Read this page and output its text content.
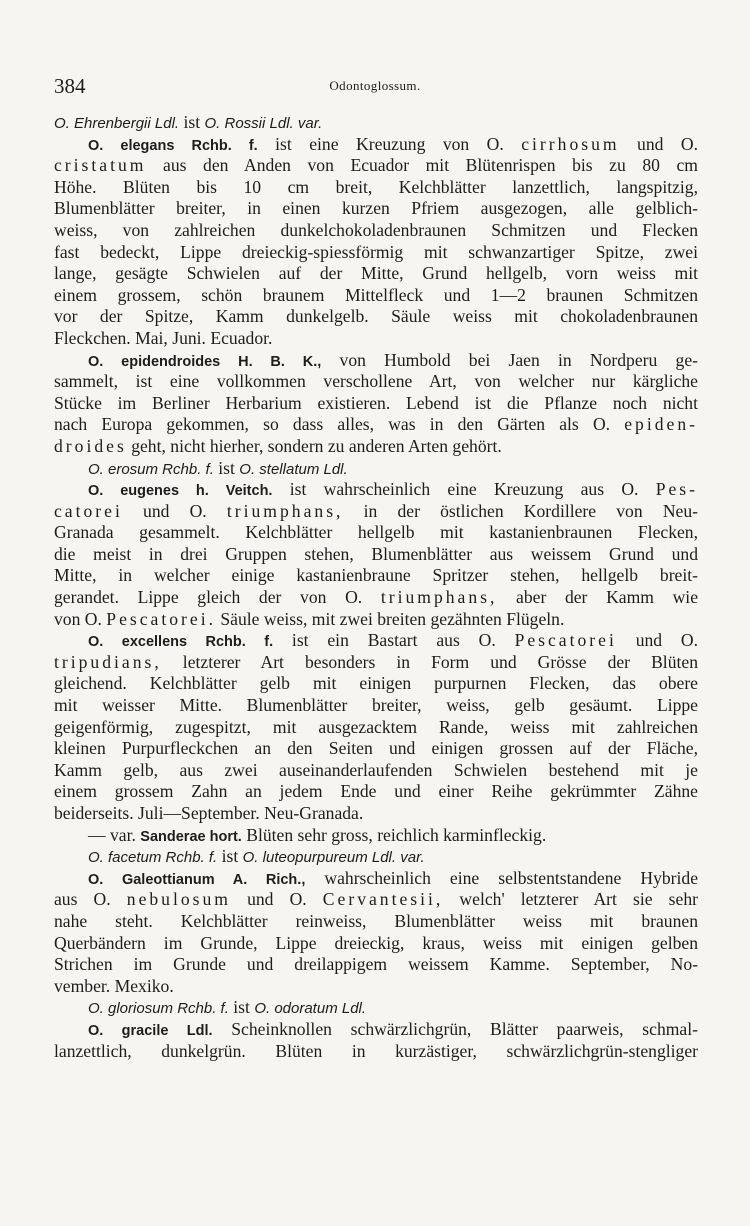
384	Odontoglossum.
O. Ehrenbergii Ldl. ist O. Rossii Ldl. var.
O. elegans Rchb. f. ist eine Kreuzung von O. cirrhosum und O.
cristatum aus den Anden von Ecuador mit Blütenrispen bis zu 80 cm
Höhe. Blüten bis 10 cm breit, Kelchblätter lanzettlich, langspitzig,
Blumenblätter breiter, in einen kurzen Pfriem ausgezogen, alle gelblich-
weiss, von zahlreichen dunkelchokoladenbraunen Schmitzen und Flecken
fast bedeckt, Lippe dreieckig-spiessförmig mit schwanzartiger Spitze, zwei
lange, gesägte Schwielen auf der Mitte, Grund hellgelb, vorn weiss mit
einem grossem, schön braunem Mittelfleck und 1—2 braunen Schmitzen
vor der Spitze, Kamm dunkelgelb. Säule weiss mit chokoladenbraunen
Fleckchen. Mai, Juni. Ecuador.
O. epidendroides H. B. K., von Humbold bei Jaen in Nordperu ge-
sammelt, ist eine vollkommen verschollene Art, von welcher nur kärgliche
Stücke im Berliner Herbarium existieren. Lebend ist die Pflanze noch nicht
nach Europa gekommen, so dass alles, was in den Gärten als O. epiden-
droides geht, nicht hierher, sondern zu anderen Arten gehört.
O. erosum Rchb. f. ist O. stellatum Ldl.
O. eugenes h. Veitch. ist wahrscheinlich eine Kreuzung aus O. Pes-
catorei und O. triumphans, in der östlichen Kordillere von Neu-
Granada gesammelt. Kelchblätter hellgelb mit kastanienbraunen Flecken,
die meist in drei Gruppen stehen, Blumenblätter aus weissem Grund und
Mitte, in welcher einige kastanienbraune Spritzer stehen, hellgelb breit-
gerandet. Lippe gleich der von O. triumphans, aber der Kamm wie
von O. Pescatorei. Säule weiss, mit zwei breiten gezähnten Flügeln.
O. excellens Rchb. f. ist ein Bastart aus O. Pescatorei und O.
tripudians, letzterer Art besonders in Form und Grösse der Blüten
gleichend. Kelchblätter gelb mit einigen purpurnen Flecken, das obere
mit weisser Mitte. Blumenblätter breiter, weiss, gelb gesäumt. Lippe
geigenförmig, zugespitzt, mit ausgezacktem Rande, weiss mit zahlreichen
kleinen Purpurfleckchen an den Seiten und einigen grossen auf der Fläche,
Kamm gelb, aus zwei auseinanderlaufenden Schwielen bestehend mit je
einem grossem Zahn an jedem Ende und einer Reihe gekrümmter Zähne
beiderseits. Juli—September. Neu-Granada.
— var. Sanderae hort. Blüten sehr gross, reichlich karminfleckig.
O. facetum Rchb. f. ist O. luteopurpureum Ldl. var.
O. Galeottianum A. Rich., wahrscheinlich eine selbstentstandene Hybride
aus O. nebulosum und O. Cervantesii, welch' letzterer Art sie sehr
nahe steht. Kelchblätter reinweiss, Blumenblätter weiss mit braunen
Querbändern im Grunde, Lippe dreieckig, kraus, weiss mit einigen gelben
Strichen im Grunde und dreilappigem weissem Kamme. September, No-
vember. Mexiko.
O. gloriosum Rchb. f. ist O. odoratum Ldl.
O. gracile Ldl. Scheinknollen schwärzlichgrün, Blätter paarweis, schmal-
lanzettlich, dunkelgrün. Blüten in kurzästiger, schwärzlichgrün-stengliger
